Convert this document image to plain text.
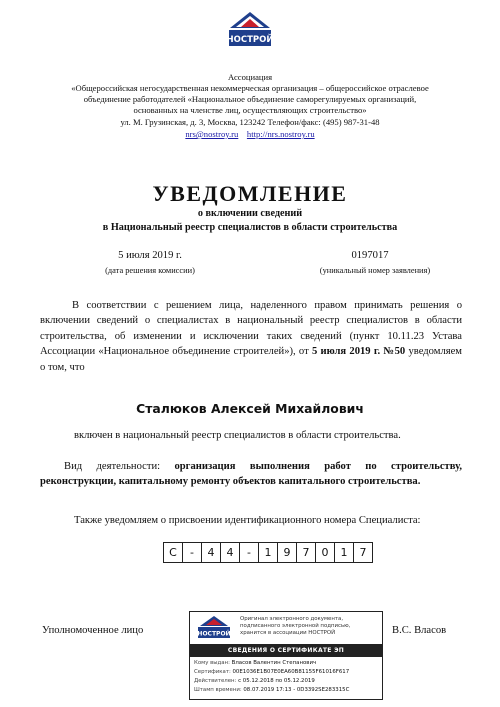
НОСТРОЙ
Ассоциация
«Общероссийская негосударственная некоммерческая организация – общероссийское отраслевое
объединение работодателей «Национальное объединение саморегулируемых организаций,
основанных на членстве лиц, осуществляющих строительство»
ул. М. Грузинская, д. 3, Москва, 123242 Телефон/факс: (495) 987-31-48
nrs@nostroy.ru http://nrs.nostroy.ru
УВЕДОМЛЕНИЕ
о включении сведений
в Национальный реестр специалистов в области строительства
5 июля 2019 г.
(дата решения комиссии)
0197017
(уникальный номер заявления)
В соответствии с решением лица, наделенного правом принимать решения о включении сведений о специалистах в национальный реестр специалистов в области строительства, об изменении и исключении таких сведений (пункт 10.11.23 Устава Ассоциации «Национальное объединение строителей»), от 5 июля 2019 г. №50 уведомляем о том, что
Сталюков Алексей Михайлович
включен в национальный реестр специалистов в области строительства.
Вид деятельности: организация выполнения работ по строительству, реконструкции, капитальному ремонту объектов капитального строительства.
Также уведомляем о присвоении идентификационного номера Специалиста:
С	-	4	4	-	1	9	7	0	1	7
Уполномоченное лицо	В.С. Власов
НОСТРОЙ
Оригинал электронного документа,
подписанного электронной подписью,
хранится в ассоциации НОСТРОЙ
СВЕДЕНИЯ О СЕРТИФИКАТЕ ЭП
Кому выдан: Власов Валентин Степанович
Сертификат: 00E1036E1B07E0EA60B81155F61016F617
Действителен: с 05.12.2018 по 05.12.2019
Штамп времени: 08.07.2019 17:13 - 0D3392SE283315C
